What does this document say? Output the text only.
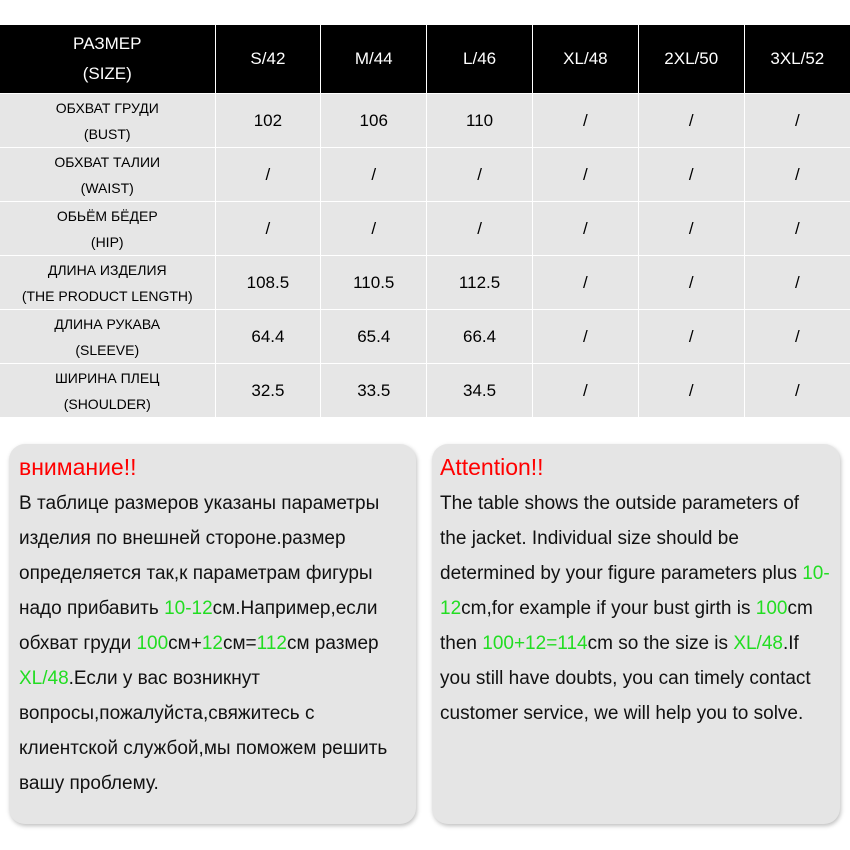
РАЗМЕР
(SIZE)	S/42	M/44	L/46	XL/48	2XL/50	3XL/52

ОБХВАТ ГРУДИ
(BUST)	102	106	110	/	/	/

ОБХВАТ ТАЛИИ
(WAIST)	/	/	/	/	/	/

ОБЬЁМ БЁДЕР
(HIP)	/	/	/	/	/	/

ДЛИНА ИЗДЕЛИЯ
(THE PRODUCT LENGTH)	108.5	110.5	112.5	/	/	/

ДЛИНА РУКАВА
(SLEEVE)	64.4	65.4	66.4	/	/	/

ШИРИНА ПЛЕЦ
(SHOULDER)	32.5	33.5	34.5	/	/	/

внимание!!

В таблице размеров указаны параметры изделия по внешней стороне.размер определяется так,к параметрам фигуры надо прибавить 10-12см.Например,если обхват груди 100см+12см=112см размер XL/48.Если у вас возникнут вопросы,пожалуйста,свяжитесь с клиентской службой,мы поможем решить вашу проблему.

Attention!!

The table shows the outside parameters of the jacket. Individual size should be determined by your figure parameters plus 10-12cm,for example if your bust girth is 100cm then 100+12=114cm so the size is XL/48.If you still have doubts, you can timely contact customer service, we will help you to solve.
